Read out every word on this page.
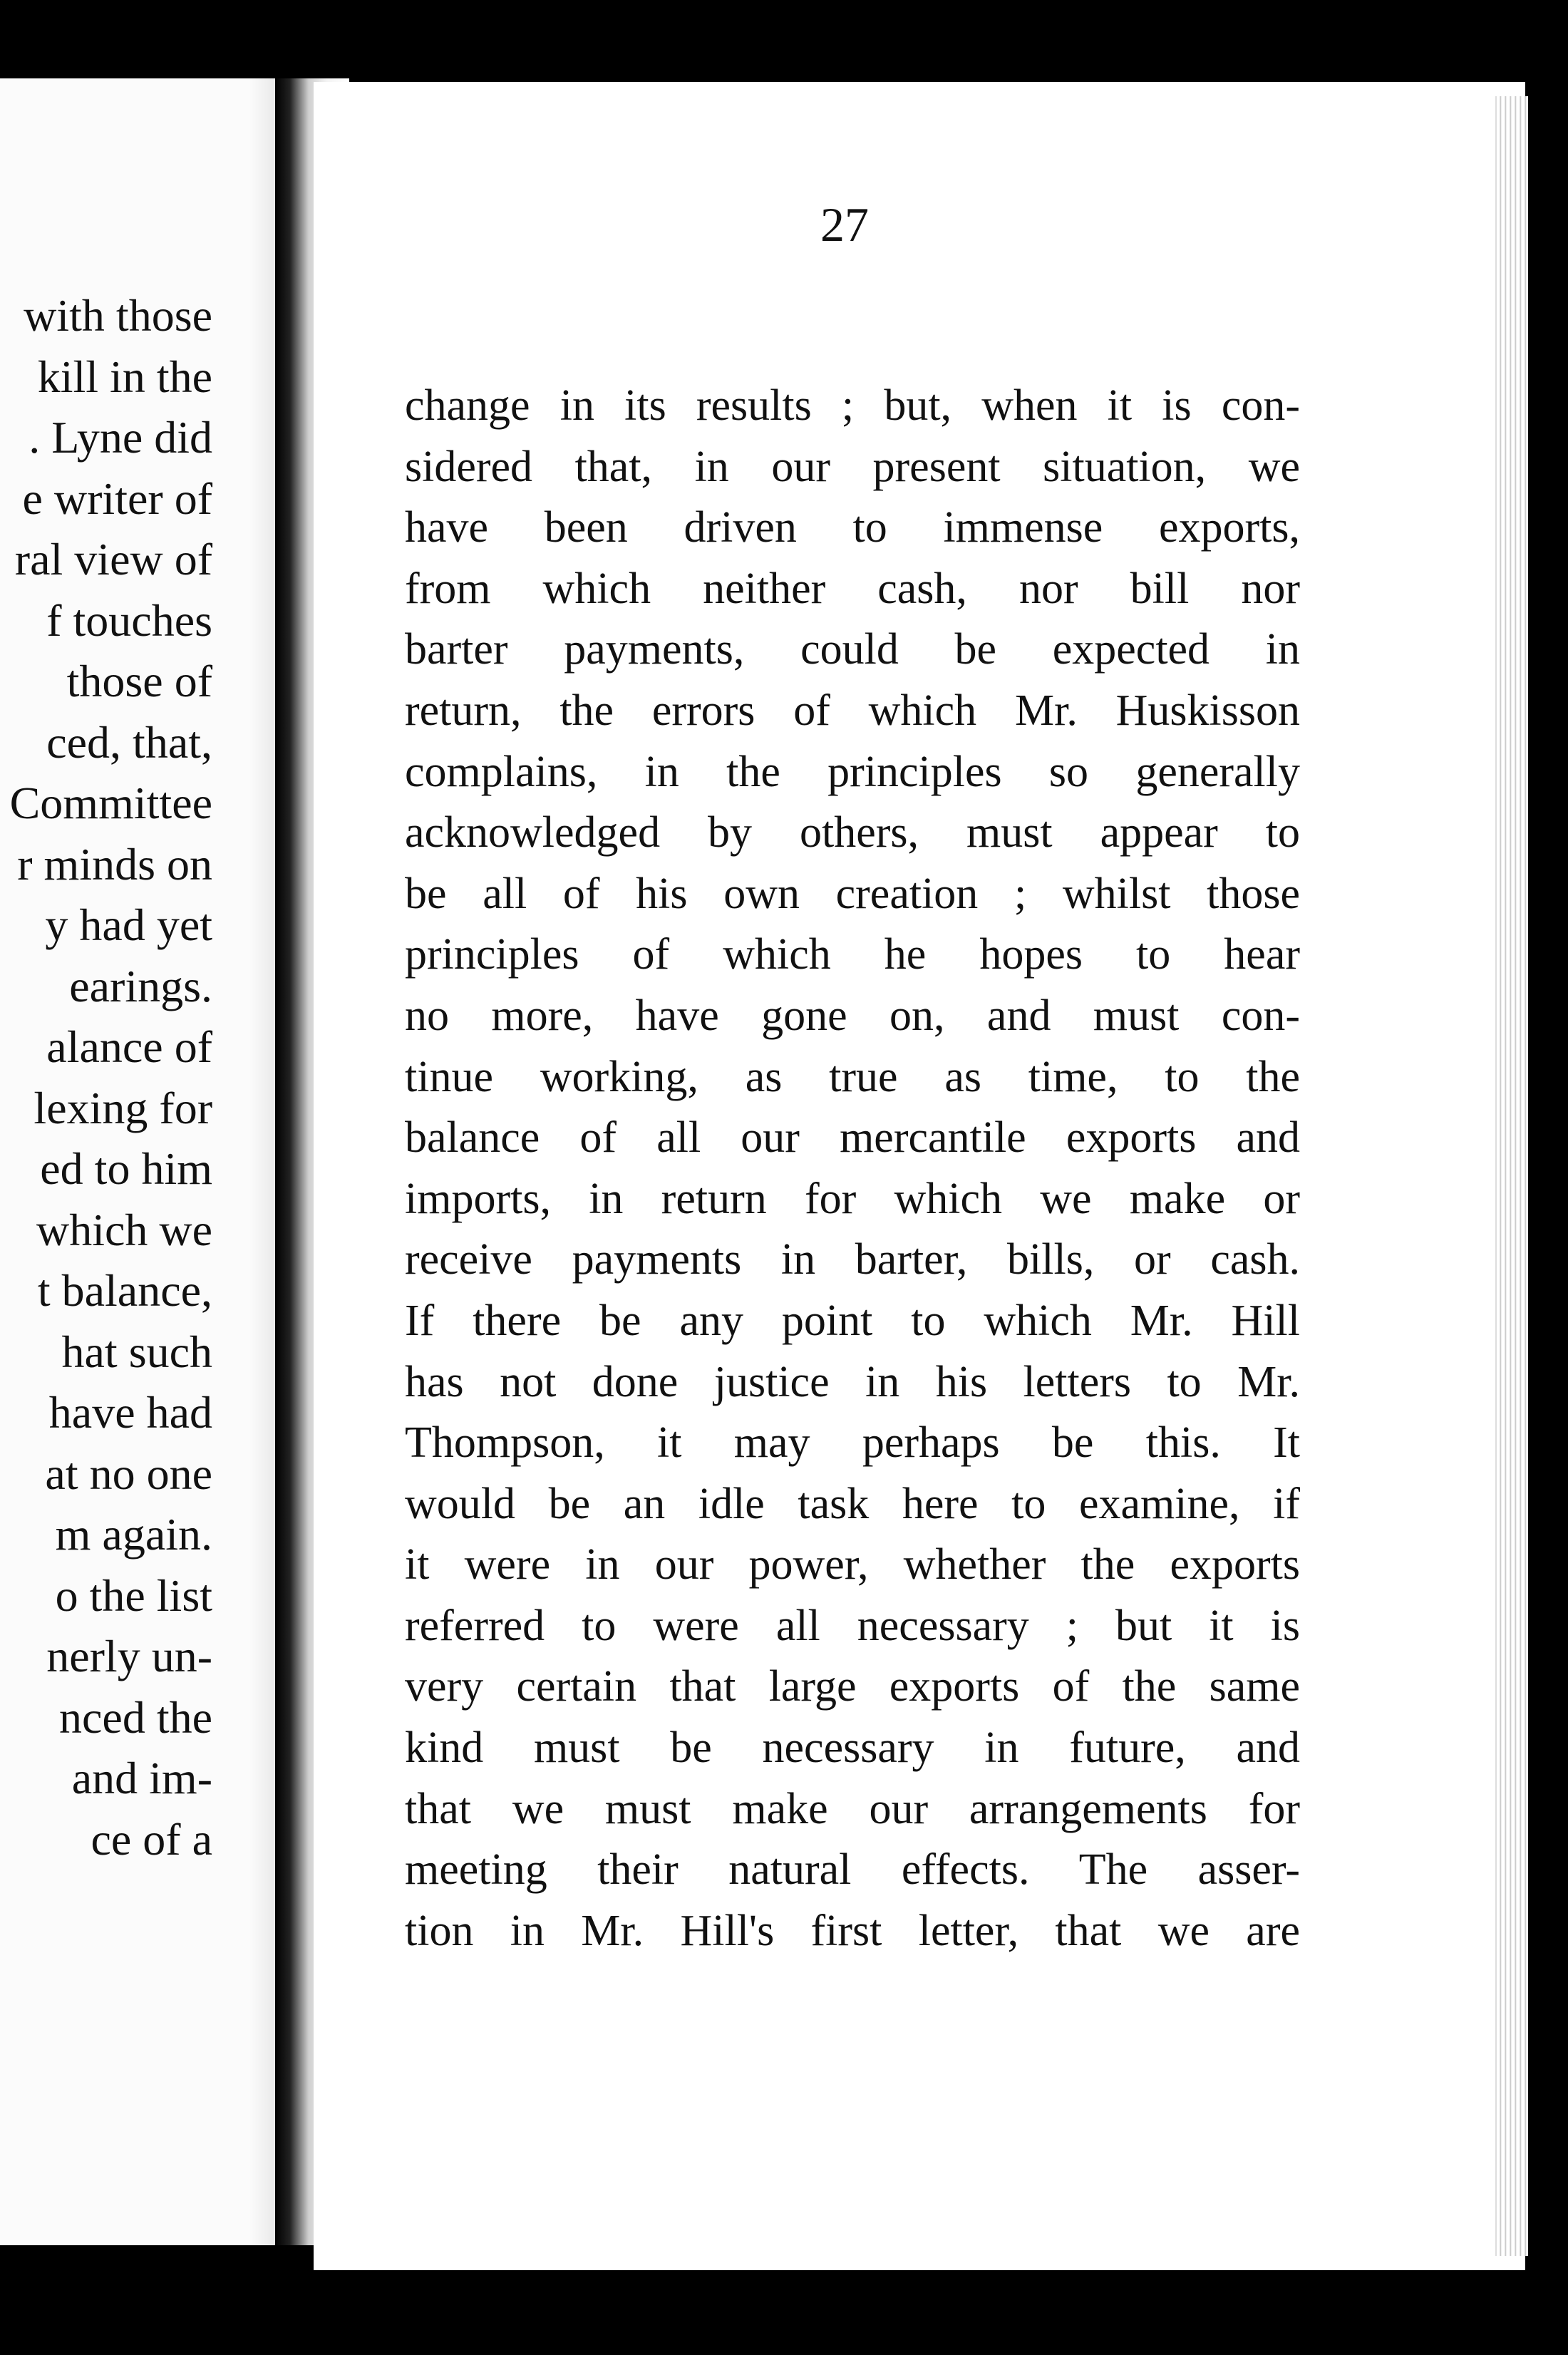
with those
kill in the
. Lyne did
e writer of
ral view of
f touches
those of
ced, that,
Committee
r minds on
y had yet
earings.
alance of
lexing for
ed to him
which we
t balance,
hat such
have had
at no one
m again.
o the list
nerly un-
nced the
and im-
ce of a
27
change in its results ; but, when it is con-
sidered that, in our present situation, we
have been driven to immense exports,
from which neither cash, nor bill nor
barter payments, could be expected in
return, the errors of which Mr. Huskisson
complains, in the principles so generally
acknowledged by others, must appear to
be all of his own creation ; whilst those
principles of which he hopes to hear
no more, have gone on, and must con-
tinue working, as true as time, to the
balance of all our mercantile exports and
imports, in return for which we make or
receive payments in barter, bills, or cash.
If there be any point to which Mr. Hill
has not done justice in his letters to Mr.
Thompson, it may perhaps be this. It
would be an idle task here to examine, if
it were in our power, whether the exports
referred to were all necessary ; but it is
very certain that large exports of the same
kind must be necessary in future, and
that we must make our arrangements for
meeting their natural effects. The asser-
tion in Mr. Hill's first letter, that we are
